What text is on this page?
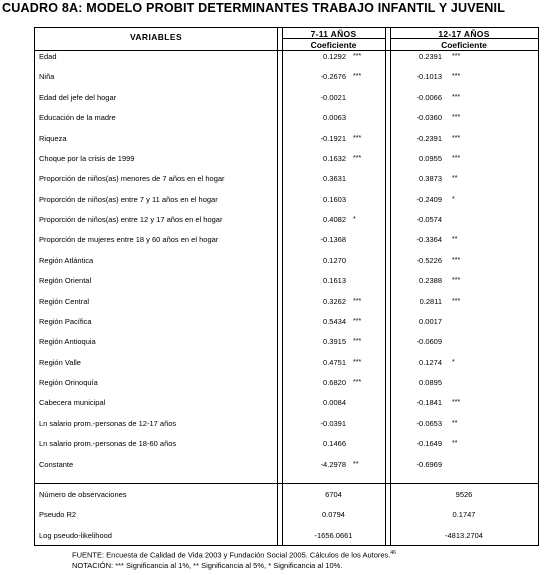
CUADRO 8A: MODELO PROBIT DETERMINANTES TRABAJO INFANTIL Y JUVENIL
VARIABLES	7-11 AÑOS	12-17 AÑOS
Coeficiente	Coeficiente
Edad	0.1292 ***	0.2391 ***
Niña	-0.2676 ***	-0.1013 ***
Edad del jefe del hogar	-0.0021	-0.0066 ***
Educación de la madre	0.0063	-0.0360 ***
Riqueza	-0.1921 ***	-0.2391 ***
Choque por la crisis de 1999	0.1632 ***	0.0955 ***
Proporción de niños(as) menores de 7 años en el hogar	0.3631	0.3873 **
Proporción de niños(as) entre 7 y 11 años en el hogar	0.1603	-0.2409 *
Proporción de niños(as) entre 12 y 17 años en el hogar	0.4082 *	-0.0574
Proporción de mujeres entre 18 y 60 años en el hogar	-0.1368	-0.3364 **
Región Atlántica	0.1270	-0.5226 ***
Región Oriental	0.1613	0.2388 ***
Región Central	0.3262 ***	0.2811 ***
Región Pacífica	0.5434 ***	0.0017
Región Antioquia	0.3915 ***	-0.0609
Región Valle	0.4751 ***	0.1274 *
Región Orinoquía	0.6820 ***	0.0895
Cabecera municipal	0.0084	-0.1841 ***
Ln salario prom.-personas de 12-17 años	-0.0391	-0.0653 **
Ln salario prom.-personas de 18-60 años	0.1466	-0.1649 **
Constante	-4.2978 **	-0.6969
Número de observaciones	6704	9526
Pseudo R2	0.0794	0.1747
Log pseudo-likelihood	-1656.0661	-4813.2704
FUENTE: Encuesta de Calidad de Vida 2003 y Fundación Social 2005. Cálculos de los Autores.$^{46}$
NOTACIÓN: *** Significancia al 1%, ** Significancia al 5%, * Significancia al 10%.
